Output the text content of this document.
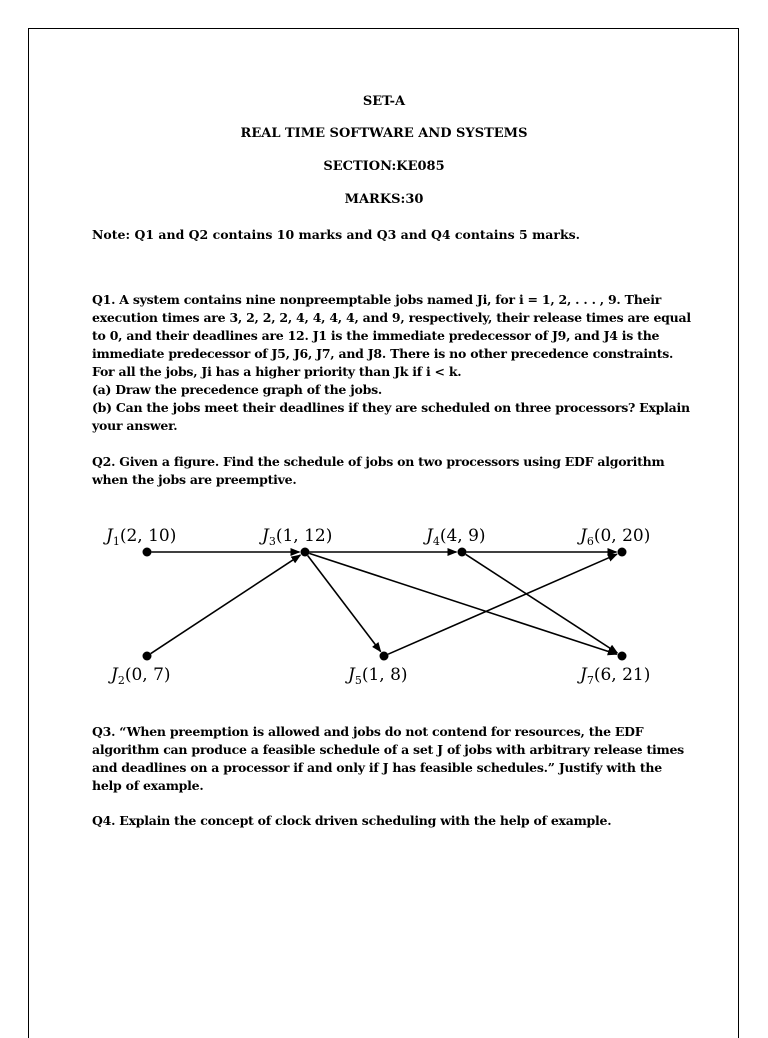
SET-A
REAL TIME SOFTWARE AND SYSTEMS
SECTION:KE085
MARKS:30
Note: Q1 and Q2 contains 10 marks and Q3 and Q4 contains 5 marks.
Q1. A system contains nine nonpreemptable jobs named Ji, for i = 1, 2, . . . , 9. Their
execution times are 3, 2, 2, 2, 4, 4, 4, 4, and 9, respectively, their release times are equal
to 0, and their deadlines are 12. J1 is the immediate predecessor of J9, and J4 is the
immediate predecessor of J5, J6, J7, and J8. There is no other precedence constraints.
For all the jobs, Ji has a higher priority than Jk if i < k.
(a) Draw the precedence graph of the jobs.
(b) Can the jobs meet their deadlines if they are scheduled on three processors? Explain
your answer.
Q2. Given a figure. Find the schedule of jobs on two processors using EDF algorithm
when the jobs are preemptive.
$J_1(2$, 10)
$J_2(0$, 7)
$J_3(1$, 12)	$J_4(4$, 9)
$J_5(1$, 8)
$J_6(0$, 20)
$J_7(6$, 21)
Q3. “When preemption is allowed and jobs do not contend for resources, the EDF
algorithm can produce a feasible schedule of a set J of jobs with arbitrary release times
and deadlines on a processor if and only if J has feasible schedules.” Justify with the
help of example.
Q4. Explain the concept of clock driven scheduling with the help of example.
